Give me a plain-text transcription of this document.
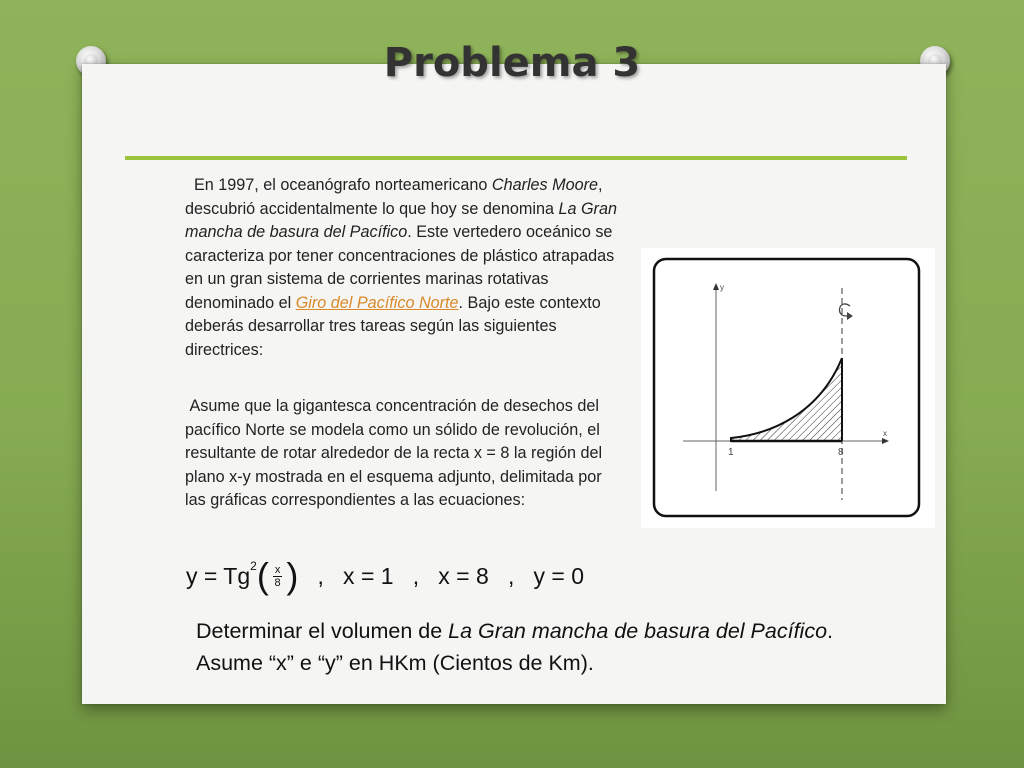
Problema 3

En 1997, el oceanógrafo norteamericano Charles Moore, descubrió accidentalmente lo que hoy se denomina La Gran mancha de basura del Pacífico. Este vertedero oceánico se caracteriza por tener concentraciones de plástico atrapadas en un gran sistema de corrientes marinas rotativas denominado el Giro del Pacífico Norte. Bajo este contexto deberás desarrollar tres tareas según las siguientes directrices:

Asume que la gigantesca concentración de desechos del pacífico Norte se modela como un sólido de revolución, el resultante de rotar alrededor de la recta x = 8 la región del plano x-y mostrada en el esquema adjunto, delimitada por las gráficas correspondientes a las ecuaciones:

y
x
1	8
y = Tg 2 ( $\frac{x}{8}$ ) ,   x = 1   ,   x = 8   ,   y = 0

Determinar el volumen de La Gran mancha de basura del Pacífico. Asume “x” e “y” en HKm (Cientos de Km).
